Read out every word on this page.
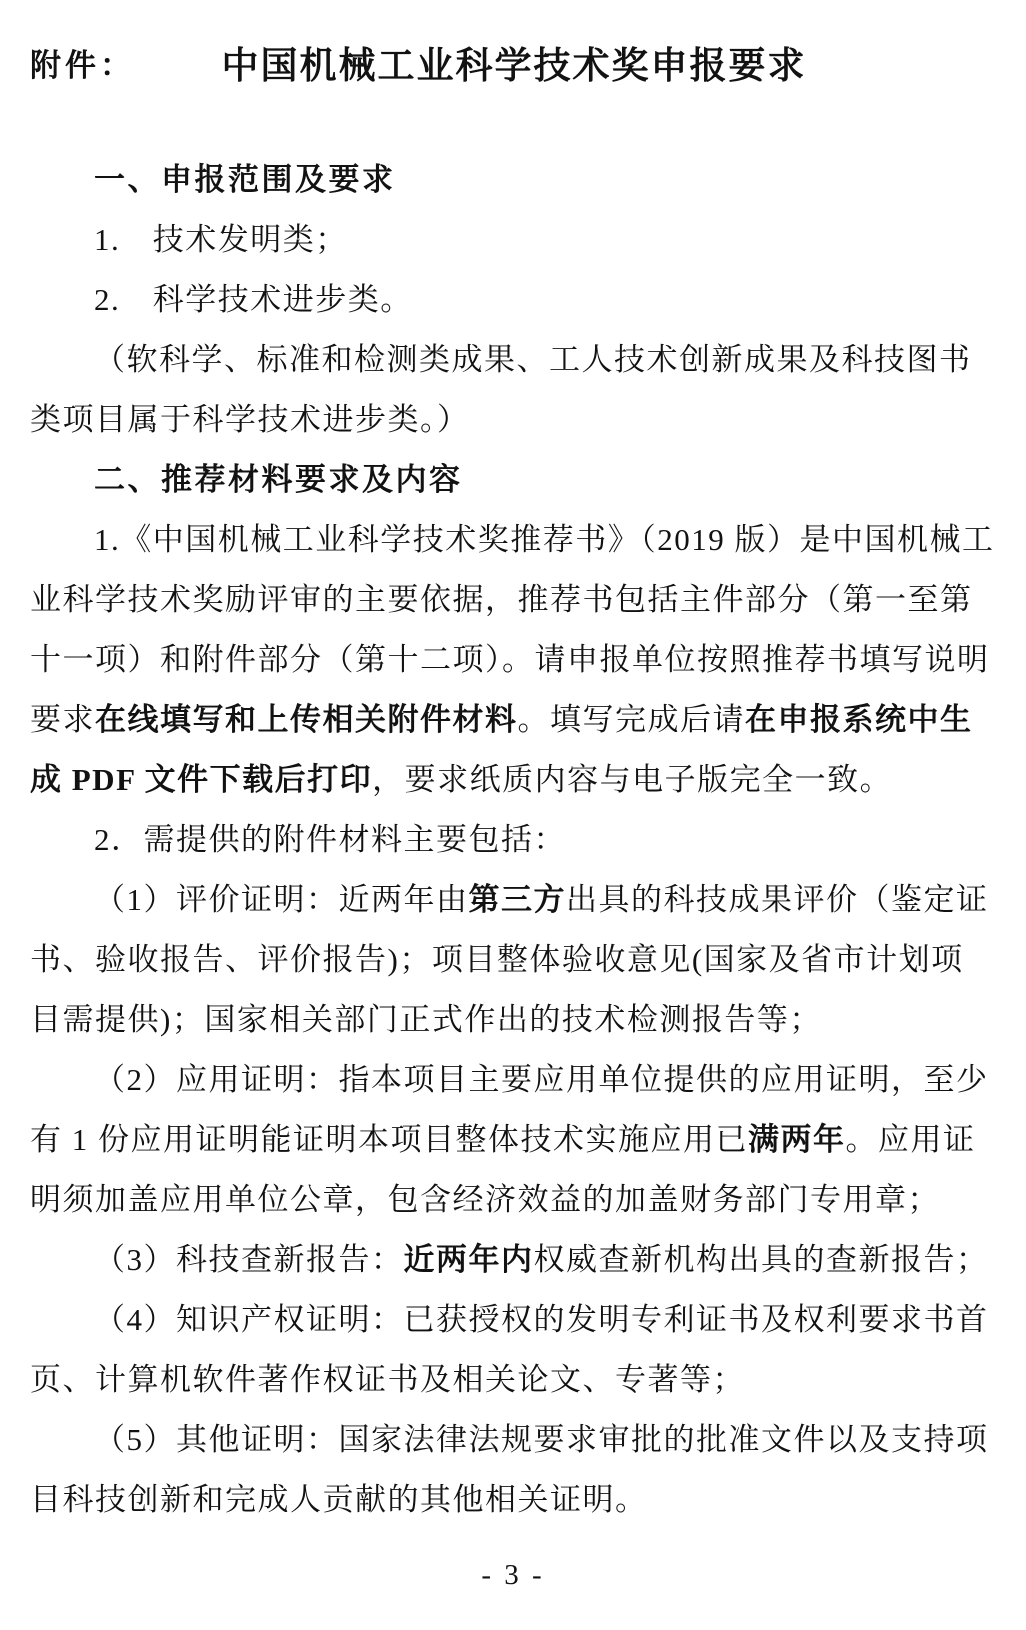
附件：	中国机械工业科学技术奖申报要求
一、申报范围及要求
1.　技术发明类；
2.　科学技术进步类。
（软科学、标准和检测类成果、工人技术创新成果及科技图书
类项目属于科学技术进步类。）
二、推荐材料要求及内容
1.《中国机械工业科学技术奖推荐书》（2019 版）是中国机械工
业科学技术奖励评审的主要依据，推荐书包括主件部分（第一至第
十一项）和附件部分（第十二项）。请申报单位按照推荐书填写说明
要求在线填写和上传相关附件材料。填写完成后请在申报系统中生
成 PDF 文件下载后打印，要求纸质内容与电子版完全一致。
2．需提供的附件材料主要包括：
（1）评价证明：近两年由第三方出具的科技成果评价（鉴定证
书、验收报告、评价报告)；项目整体验收意见(国家及省市计划项
目需提供)；国家相关部门正式作出的技术检测报告等；
（2）应用证明：指本项目主要应用单位提供的应用证明，至少
有 1 份应用证明能证明本项目整体技术实施应用已满两年。应用证
明须加盖应用单位公章，包含经济效益的加盖财务部门专用章；
（3）科技查新报告：近两年内权威查新机构出具的查新报告；
（4）知识产权证明：已获授权的发明专利证书及权利要求书首
页、计算机软件著作权证书及相关论文、专著等；
（5）其他证明：国家法律法规要求审批的批准文件以及支持项
目科技创新和完成人贡献的其他相关证明。
- 3 -
